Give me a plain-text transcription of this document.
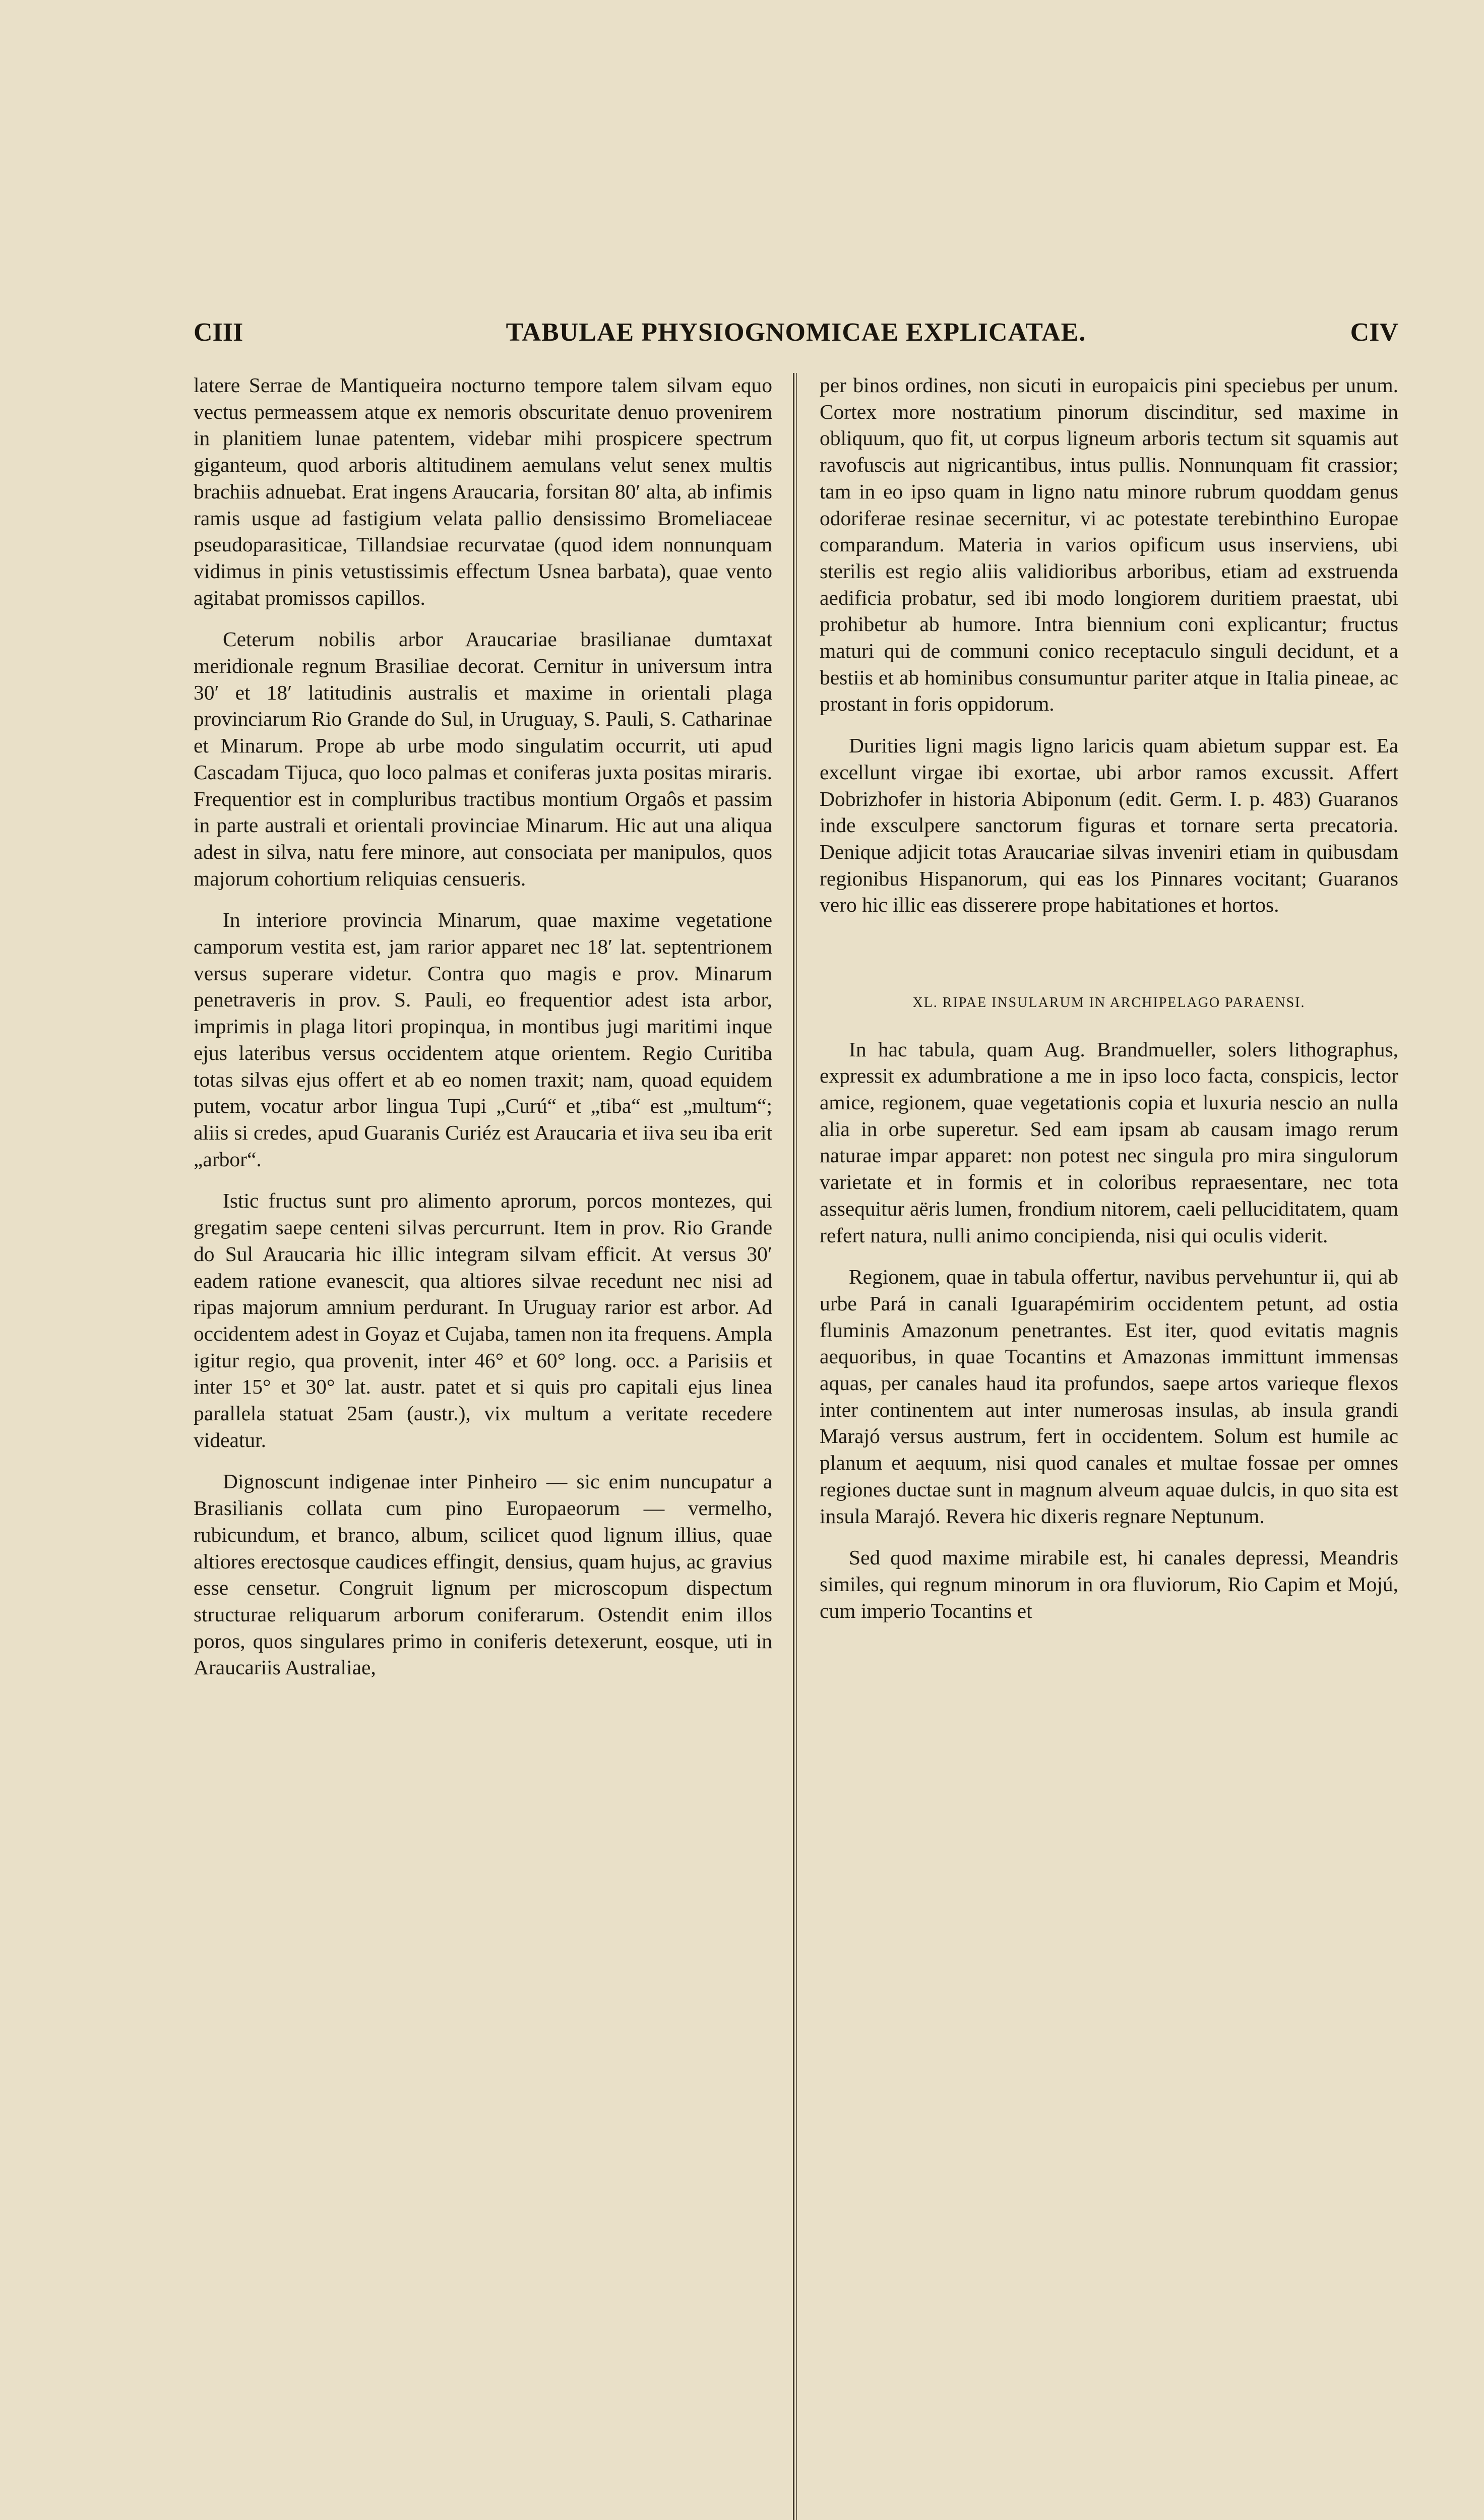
CIII	TABULAE PHYSIOGNOMICAE EXPLICATAE.	CIV

latere Serrae de Mantiqueira nocturno tempore talem silvam equo vectus permeassem atque ex nemoris obscuritate denuo provenirem in planitiem lunae patentem, videbar mihi prospicere spectrum giganteum, quod arboris altitudinem aemulans velut senex multis brachiis adnuebat. Erat ingens Araucaria, forsitan 80′ alta, ab infimis ramis usque ad fastigium velata pallio densissimo Bromeliaceae pseudoparasiticae, Tillandsiae recurvatae (quod idem nonnunquam vidimus in pinis vetustissimis effectum Usnea barbata), quae vento agitabat promissos capillos.

Ceterum nobilis arbor Araucariae brasilianae dumtaxat meridionale regnum Brasiliae decorat. Cernitur in universum intra 30′ et 18′ latitudinis australis et maxime in orientali plaga provinciarum Rio Grande do Sul, in Uruguay, S. Pauli, S. Catharinae et Minarum. Prope ab urbe modo singulatim occurrit, uti apud Cascadam Tijuca, quo loco palmas et coniferas juxta positas miraris. Frequentior est in compluribus tractibus montium Orgaôs et passim in parte australi et orientali provinciae Minarum. Hic aut una aliqua adest in silva, natu fere minore, aut consociata per manipulos, quos majorum cohortium reliquias censueris.

In interiore provincia Minarum, quae maxime vegetatione camporum vestita est, jam rarior apparet nec 18′ lat. septentrionem versus superare videtur. Contra quo magis e prov. Minarum penetraveris in prov. S. Pauli, eo frequentior adest ista arbor, imprimis in plaga litori propinqua, in montibus jugi maritimi inque ejus lateribus versus occidentem atque orientem. Regio Curitiba totas silvas ejus offert et ab eo nomen traxit; nam, quoad equidem putem, vocatur arbor lingua Tupi „Curú“ et „tiba“ est „multum“; aliis si credes, apud Guaranis Curiéz est Araucaria et iiva seu iba erit „arbor“.

Istic fructus sunt pro alimento aprorum, porcos montezes, qui gregatim saepe centeni silvas percurrunt. Item in prov. Rio Grande do Sul Araucaria hic illic integram silvam efficit. At versus 30′ eadem ratione evanescit, qua altiores silvae recedunt nec nisi ad ripas majorum amnium perdurant. In Uruguay rarior est arbor. Ad occidentem adest in Goyaz et Cujaba, tamen non ita frequens. Ampla igitur regio, qua provenit, inter 46° et 60° long. occ. a Parisiis et inter 15° et 30° lat. austr. patet et si quis pro capitali ejus linea parallela statuat 25am (austr.), vix multum a veritate recedere videatur.

Dignoscunt indigenae inter Pinheiro — sic enim nuncupatur a Brasilianis collata cum pino Europaeorum — vermelho, rubicundum, et branco, album, scilicet quod lignum illius, quae altiores erectosque caudices effingit, densius, quam hujus, ac gravius esse censetur. Congruit lignum per microscopum dispectum structurae reliquarum arborum coniferarum. Ostendit enim illos poros, quos singulares primo in coniferis detexerunt, eosque, uti in Araucariis Australiae,

per binos ordines, non sicuti in europaicis pini speciebus per unum. Cortex more nostratium pinorum discinditur, sed maxime in obliquum, quo fit, ut corpus ligneum arboris tectum sit squamis aut ravofuscis aut nigricantibus, intus pullis. Nonnunquam fit crassior; tam in eo ipso quam in ligno natu minore rubrum quoddam genus odoriferae resinae secernitur, vi ac potestate terebinthino Europae comparandum. Materia in varios opificum usus inserviens, ubi sterilis est regio aliis validioribus arboribus, etiam ad exstruenda aedificia probatur, sed ibi modo longiorem duritiem praestat, ubi prohibetur ab humore. Intra biennium coni explicantur; fructus maturi qui de communi conico receptaculo singuli decidunt, et a bestiis et ab hominibus consumuntur pariter atque in Italia pineae, ac prostant in foris oppidorum.

Durities ligni magis ligno laricis quam abietum suppar est. Ea excellunt virgae ibi exortae, ubi arbor ramos excussit. Affert Dobrizhofer in historia Abiponum (edit. Germ. I. p. 483) Guaranos inde exsculpere sanctorum figuras et tornare serta precatoria. Denique adjicit totas Araucariae silvas inveniri etiam in quibusdam regionibus Hispanorum, qui eas los Pinnares vocitant; Guaranos vero hic illic eas disserere prope habitationes et hortos.

XL. RIPAE INSULARUM IN ARCHIPELAGO PARAENSI.

In hac tabula, quam Aug. Brandmueller, solers lithographus, expressit ex adumbratione a me in ipso loco facta, conspicis, lector amice, regionem, quae vegetationis copia et luxuria nescio an nulla alia in orbe superetur. Sed eam ipsam ab causam imago rerum naturae impar apparet: non potest nec singula pro mira singulorum varietate et in formis et in coloribus repraesentare, nec tota assequitur aëris lumen, frondium nitorem, caeli pelluciditatem, quam refert natura, nulli animo concipienda, nisi qui oculis viderit.

Regionem, quae in tabula offertur, navibus pervehuntur ii, qui ab urbe Pará in canali Iguarapémirim occidentem petunt, ad ostia fluminis Amazonum penetrantes. Est iter, quod evitatis magnis aequoribus, in quae Tocantins et Amazonas immittunt immensas aquas, per canales haud ita profundos, saepe artos varieque flexos inter continentem aut inter numerosas insulas, ab insula grandi Marajó versus austrum, fert in occidentem. Solum est humile ac planum et aequum, nisi quod canales et multae fossae per omnes regiones ductae sunt in magnum alveum aquae dulcis, in quo sita est insula Marajó. Revera hic dixeris regnare Neptunum.

Sed quod maxime mirabile est, hi canales depressi, Meandris similes, qui regnum minorum in ora fluviorum, Rio Capim et Mojú, cum imperio Tocantins et
